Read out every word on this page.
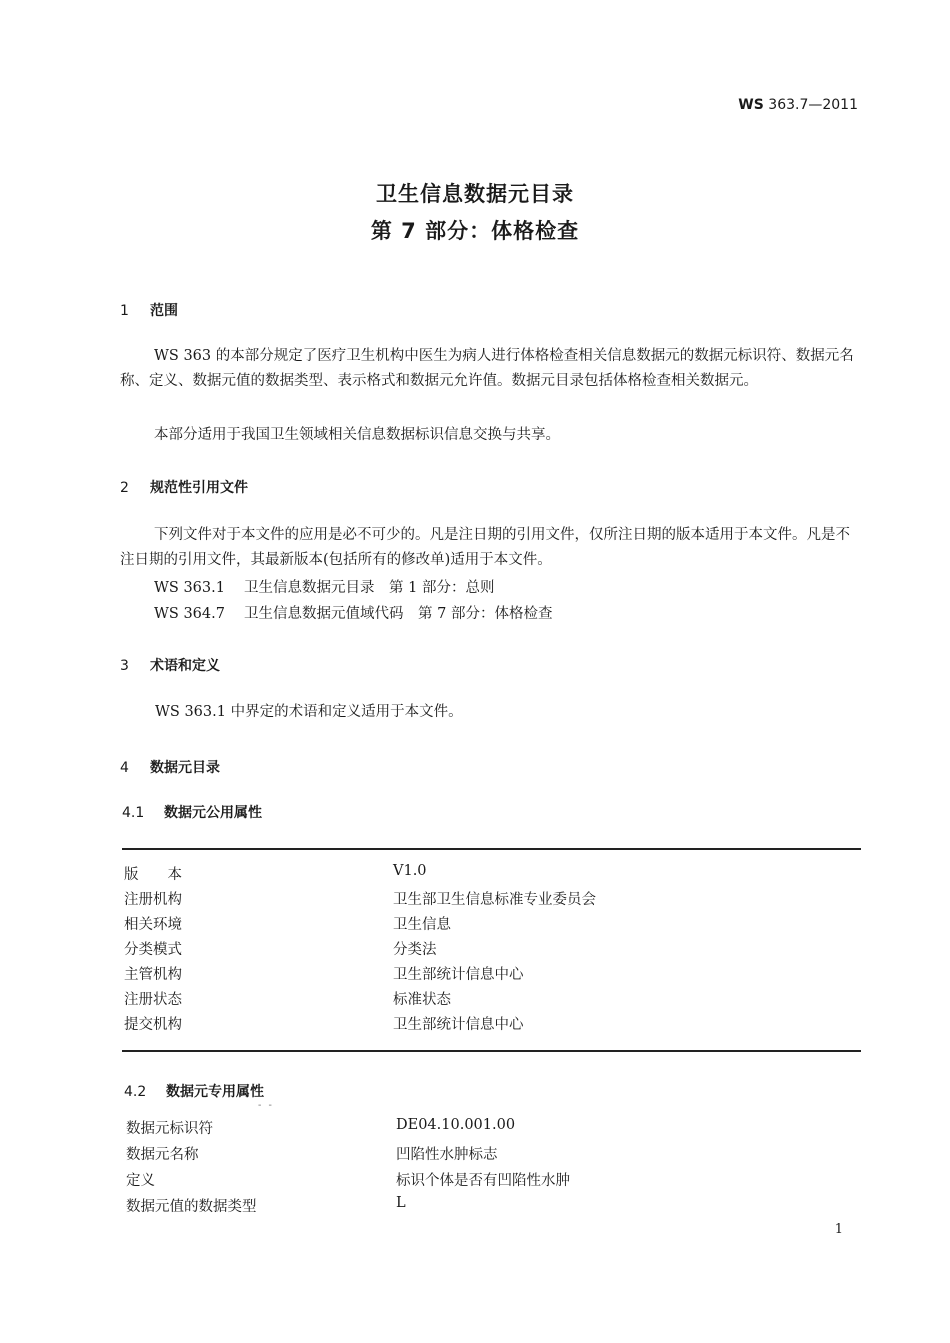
WS 363.7—2011
卫生信息数据元目录
第 7 部分：体格检查
1 范围
WS 363 的本部分规定了医疗卫生机构中医生为病人进行体格检查相关信息数据元的数据元标识符、数据元名称、定义、数据元值的数据类型、表示格式和数据元允许值。数据元目录包括体格检查相关数据元。
本部分适用于我国卫生领域相关信息数据标识信息交换与共享。
2 规范性引用文件
下列文件对于本文件的应用是必不可少的。凡是注日期的引用文件，仅所注日期的版本适用于本文件。凡是不注日期的引用文件，其最新版本(包括所有的修改单)适用于本文件。
WS 363.1 卫生信息数据元目录　第 1 部分：总则
WS 364.7 卫生信息数据元值域代码　第 7 部分：体格检查
3 术语和定义
WS 363.1 中界定的术语和定义适用于本文件。
4 数据元目录
4.1 数据元公用属性
版　　本	V1.0
注册机构	卫生部卫生信息标准专业委员会
相关环境	卫生信息
分类模式	分类法
主管机构	卫生部统计信息中心
注册状态	标准状态
提交机构	卫生部统计信息中心
4.2 数据元专用属性
- -
数据元标识符	DE04.10.001.00
数据元名称	凹陷性水肿标志
定义	标识个体是否有凹陷性水肿
数据元值的数据类型	L
1
